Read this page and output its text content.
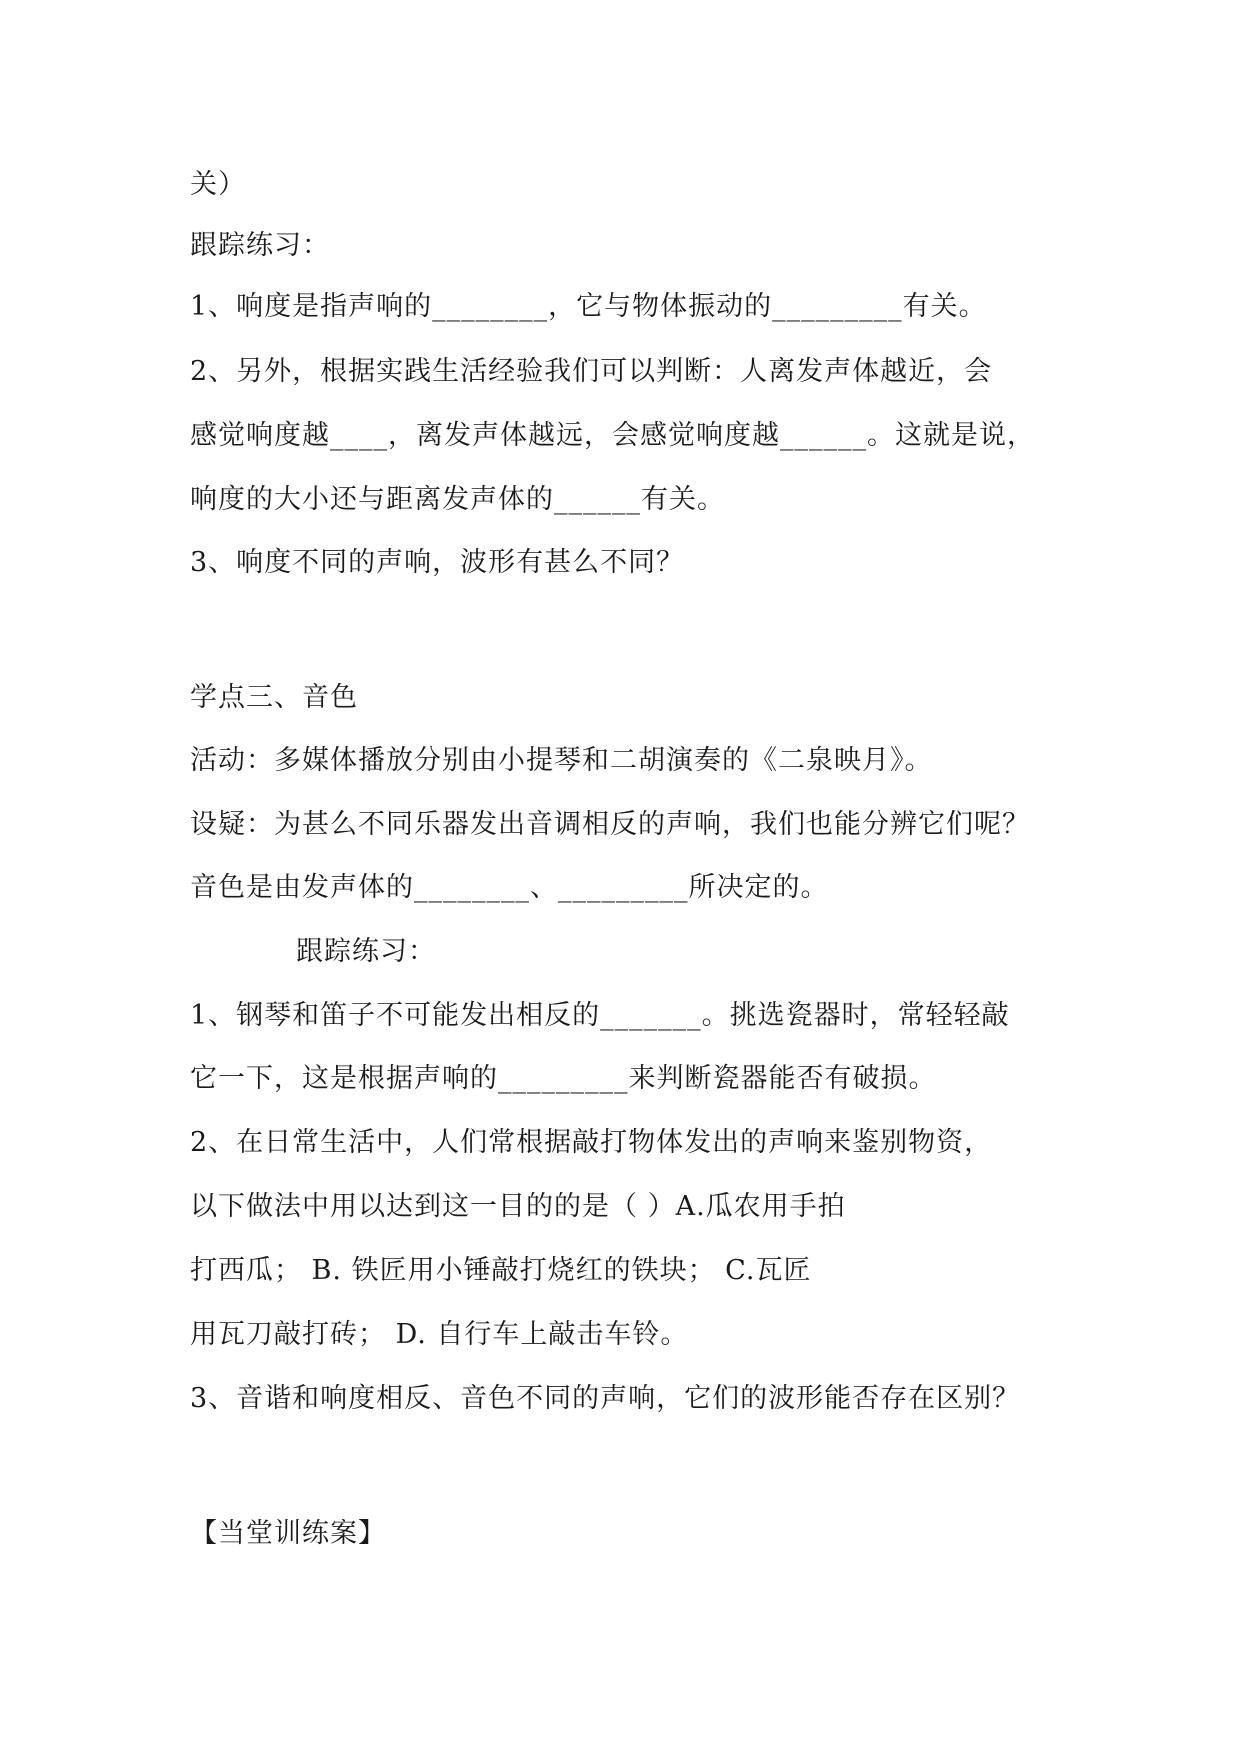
关）
跟踪练习：
1、响度是指声响的________，它与物体振动的_________有关。
2、另外，根据实践生活经验我们可以判断：人离发声体越近，会
感觉响度越____，离发声体越远，会感觉响度越______。这就是说，
响度的大小还与距离发声体的______有关。
3、响度不同的声响，波形有甚么不同？
学点三、音色
活动：多媒体播放分别由小提琴和二胡演奏的《二泉映月》。
设疑：为甚么不同乐器发出音调相反的声响，我们也能分辨它们呢？
音色是由发声体的________、_________所决定的。
跟踪练习：
1、钢琴和笛子不可能发出相反的_______。挑选瓷器时，常轻轻敲
它一下，这是根据声响的_________来判断瓷器能否有破损。
2、在日常生活中，人们常根据敲打物体发出的声响来鉴别物资，
以下做法中用以达到这一目的的是（ ）A.瓜农用手拍
打西瓜； B. 铁匠用小锤敲打烧红的铁块； C.瓦匠
用瓦刀敲打砖； D. 自行车上敲击车铃。
3、音谐和响度相反、音色不同的声响，它们的波形能否存在区别？
【当堂训练案】
